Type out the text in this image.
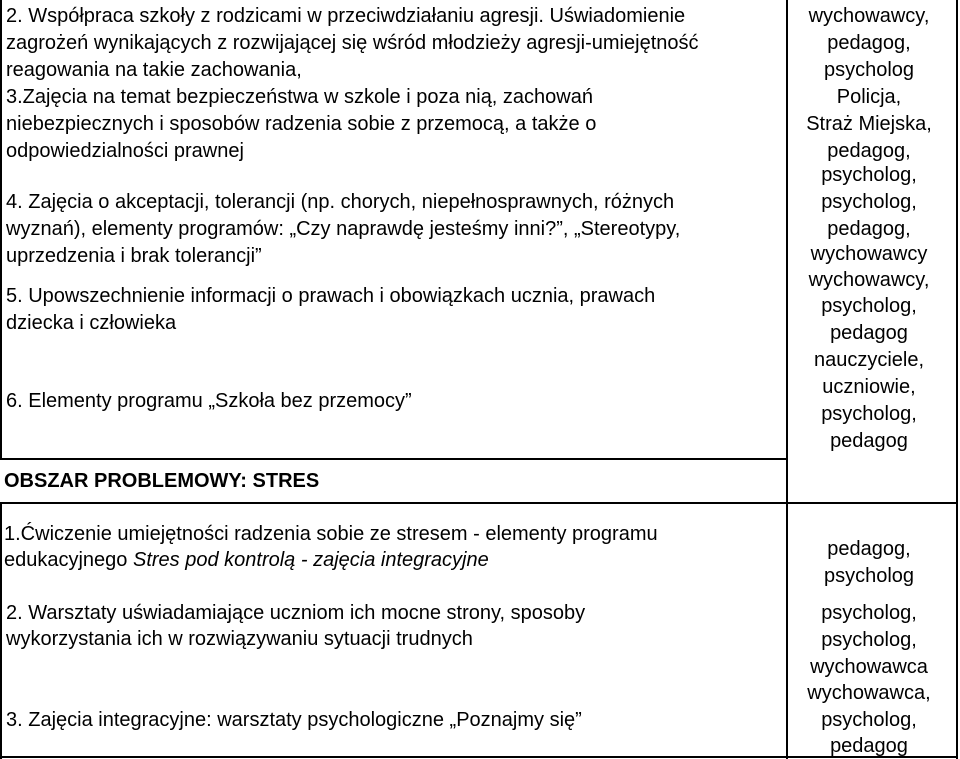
2. Współpraca szkoły z rodzicami w przeciwdziałaniu agresji. Uświadomienie
zagrożeń wynikających z rozwijającej się wśród młodzieży agresji-umiejętność
reagowania na takie zachowania,
wychowawcy,
pedagog,
psycholog
3.Zajęcia na temat bezpieczeństwa w szkole i poza nią, zachowań
niebezpiecznych i sposobów radzenia sobie z przemocą, a także o
odpowiedzialności prawnej
Policja,
Straż Miejska,
pedagog,
psycholog,
4. Zajęcia o akceptacji, tolerancji (np. chorych, niepełnosprawnych, różnych
wyznań), elementy programów: „Czy naprawdę jesteśmy inni?”, „Stereotypy,
uprzedzenia i brak tolerancji”
psycholog,
pedagog,
wychowawcy
5. Upowszechnienie informacji o prawach i obowiązkach ucznia, prawach
dziecka i człowieka
wychowawcy,
psycholog,
pedagog
6. Elementy programu „Szkoła bez przemocy”
nauczyciele,
uczniowie,
psycholog,
pedagog
OBSZAR PROBLEMOWY: STRES
1.Ćwiczenie umiejętności radzenia sobie ze stresem - elementy programu
edukacyjnego Stres pod kontrolą - zajęcia integracyjne	pedagog,
psycholog
2. Warsztaty uświadamiające uczniom ich mocne strony, sposoby
wykorzystania ich w rozwiązywaniu sytuacji trudnych
psycholog,
psycholog,
wychowawca
3. Zajęcia integracyjne: warsztaty psychologiczne „Poznajmy się”
wychowawca,
psycholog,
pedagog
